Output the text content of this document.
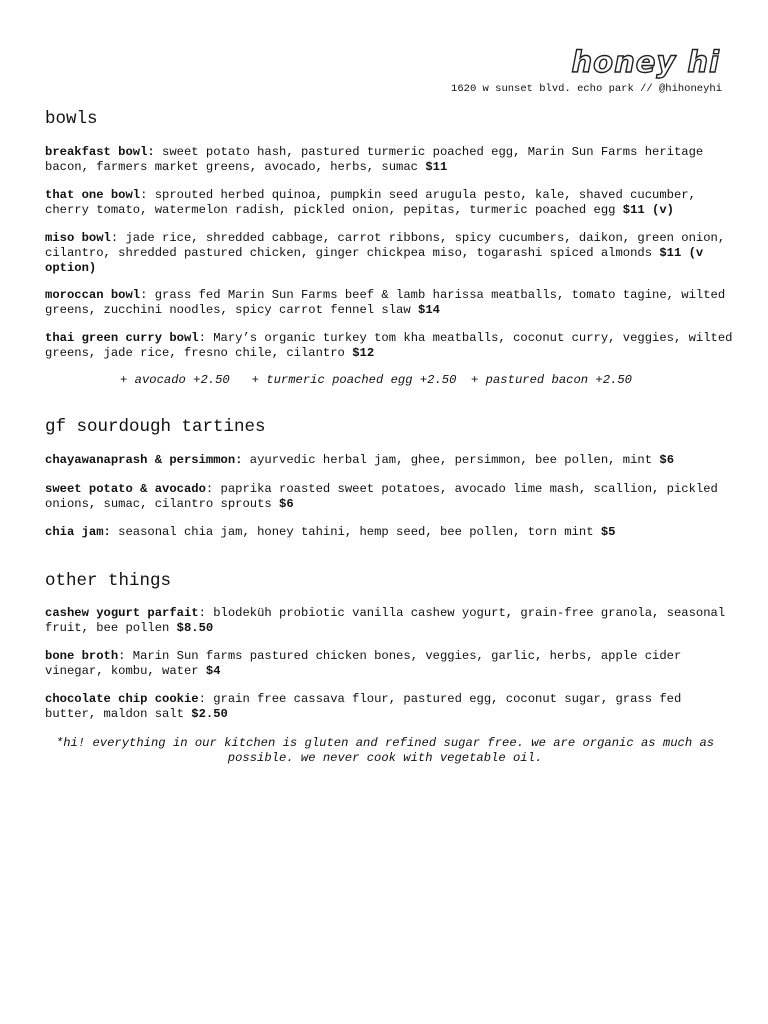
honey hi
1620 w sunset blvd. echo park // @hihoneyhi
bowls

breakfast bowl: sweet potato hash, pastured turmeric poached egg, Marin Sun Farms heritage bacon, farmers market greens, avocado, herbs, sumac $11

that one bowl: sprouted herbed quinoa, pumpkin seed arugula pesto, kale, shaved cucumber, cherry tomato, watermelon radish, pickled onion, pepitas, turmeric poached egg $11 (v)

miso bowl: jade rice, shredded cabbage, carrot ribbons, spicy cucumbers, daikon, green onion, cilantro, shredded pastured chicken, ginger chickpea miso, togarashi spiced almonds $11 (v option)

moroccan bowl: grass fed Marin Sun Farms beef & lamb harissa meatballs, tomato tagine, wilted greens, zucchini noodles, spicy carrot fennel slaw $14

thai green curry bowl: Mary’s organic turkey tom kha meatballs, coconut curry, veggies, wilted greens, jade rice, fresno chile, cilantro $12

+ avocado +2.50   + turmeric poached egg +2.50  + pastured bacon +2.50
gf sourdough tartines

chayawanaprash & persimmon: ayurvedic herbal jam, ghee, persimmon, bee pollen, mint $6

sweet potato & avocado: paprika roasted sweet potatoes, avocado lime mash, scallion, pickled onions, sumac, cilantro sprouts $6

chia jam: seasonal chia jam, honey tahini, hemp seed, bee pollen, torn mint $5

other things

cashew yogurt parfait: blodeküh probiotic vanilla cashew yogurt, grain-free granola, seasonal fruit, bee pollen $8.50

bone broth: Marin Sun farms pastured chicken bones, veggies, garlic, herbs, apple cider vinegar, kombu, water $4

chocolate chip cookie: grain free cassava flour, pastured egg, coconut sugar, grass fed butter, maldon salt $2.50

*hi! everything in our kitchen is gluten and refined sugar free. we are organic as much as possible. we never cook with vegetable oil.
